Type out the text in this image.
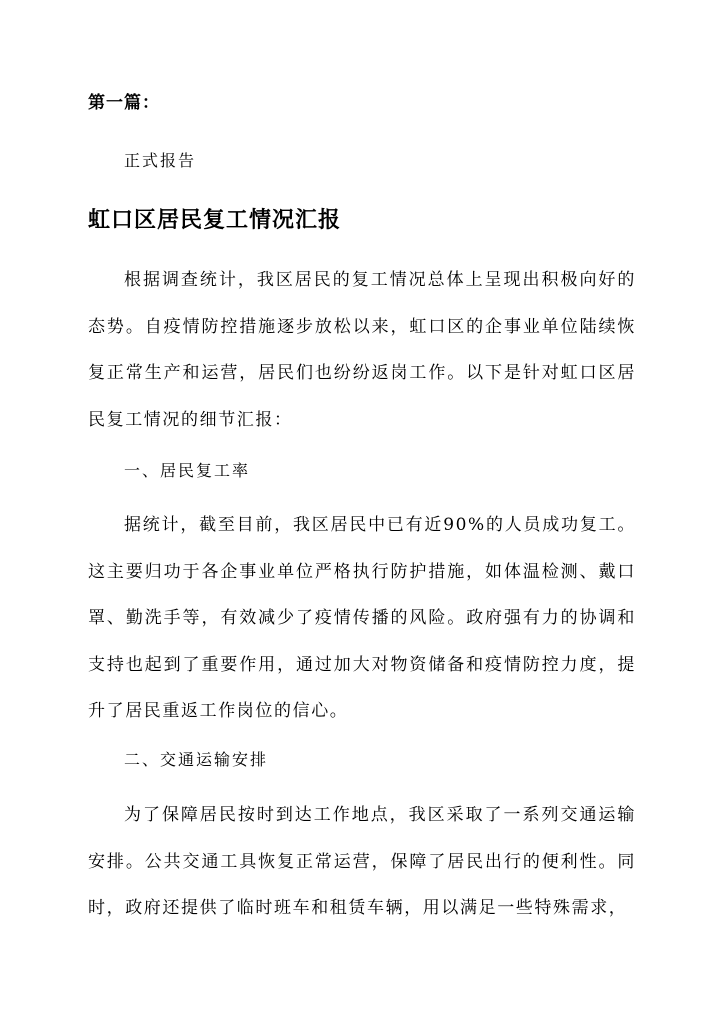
第一篇：
正式报告
虹口区居民复工情况汇报

根据调查统计，我区居民的复工情况总体上呈现出积极向好的态势。自疫情防控措施逐步放松以来，虹口区的企事业单位陆续恢复正常生产和运营，居民们也纷纷返岗工作。以下是针对虹口区居民复工情况的细节汇报：

一、居民复工率

据统计，截至目前，我区居民中已有近90%的人员成功复工。这主要归功于各企事业单位严格执行防护措施，如体温检测、戴口罩、勤洗手等，有效减少了疫情传播的风险。政府强有力的协调和支持也起到了重要作用，通过加大对物资储备和疫情防控力度，提升了居民重返工作岗位的信心。

二、交通运输安排

为了保障居民按时到达工作地点，我区采取了一系列交通运输安排。公共交通工具恢复正常运营，保障了居民出行的便利性。同时，政府还提供了临时班车和租赁车辆，用以满足一些特殊需求，
